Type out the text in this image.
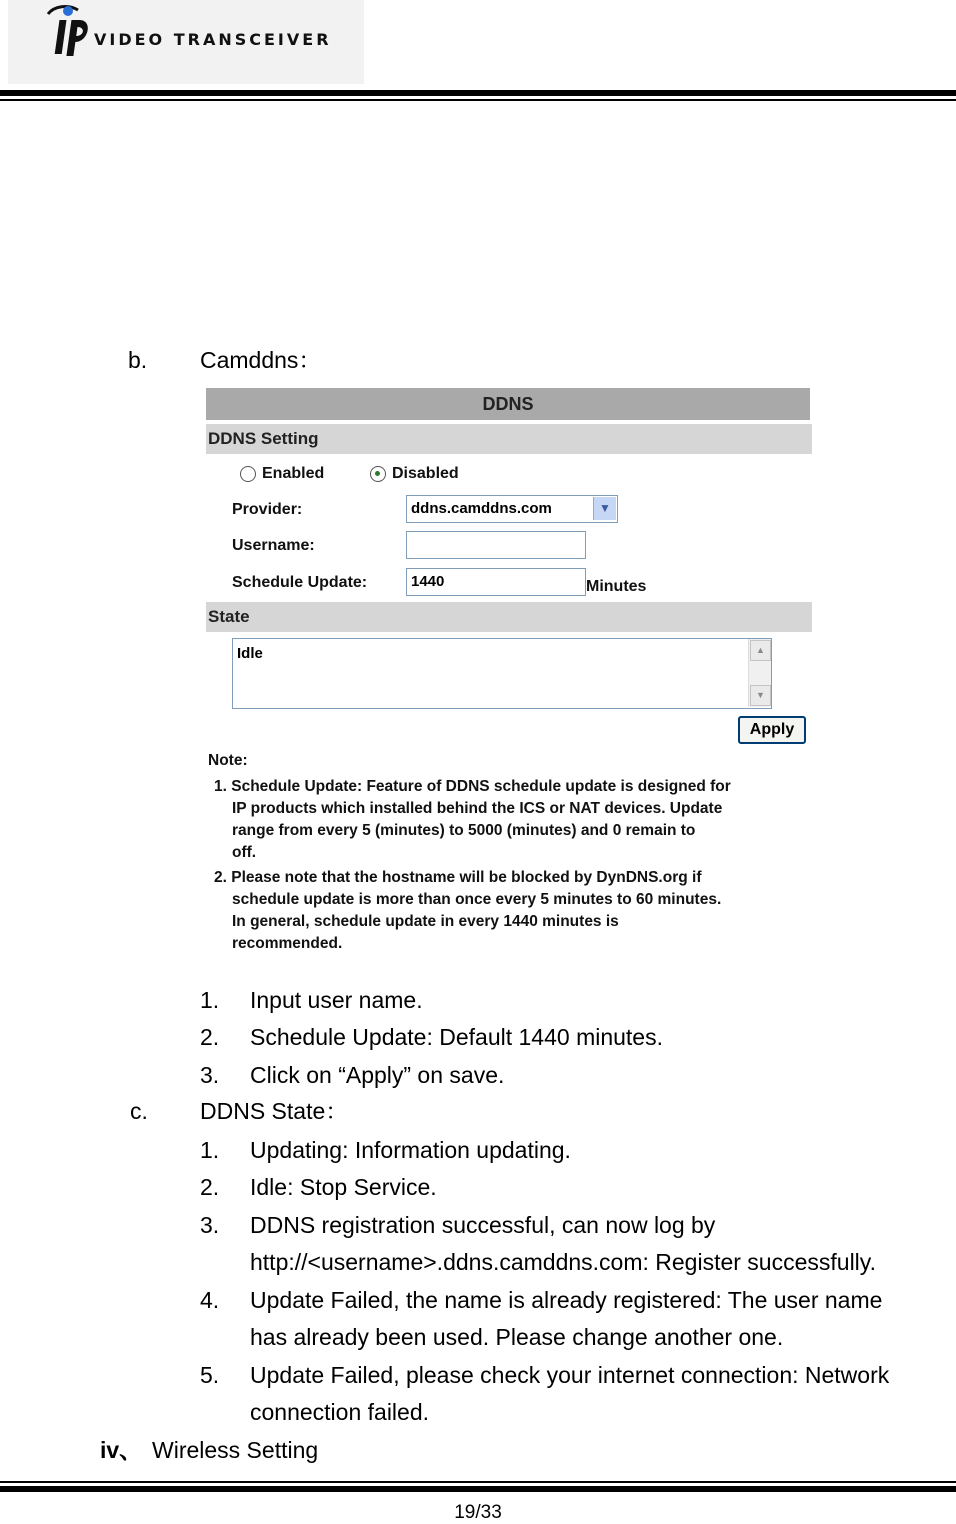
VIDEO TRANSCEIVER
b. Camddns：
DDNS
DDNS Setting
Enabled	Disabled
Provider:	ddns.camddns.com	▼
Username:
Schedule Update:	1440	Minutes
State
Idle	▲
▼
Apply
Note:
1. Schedule Update: Feature of DDNS schedule update is designed for
IP products which installed behind the ICS or NAT devices. Update
range from every 5 (minutes) to 5000 (minutes) and 0 remain to
off.
2. Please note that the hostname will be blocked by DynDNS.org if
schedule update is more than once every 5 minutes to 60 minutes.
In general, schedule update in every 1440 minutes is
recommended.
1. Input user name.
2. Schedule Update: Default 1440 minutes.
3. Click on “Apply” on save.
c. DDNS State：
1. Updating: Information updating.
2. Idle: Stop Service.
3. DDNS registration successful, can now log by
http://<username>.ddns.camddns.com: Register successfully.
4. Update Failed, the name is already registered: The user name
has already been used. Please change another one.
5. Update Failed, please check your internet connection: Network
connection failed.
iv、 Wireless Setting
19/33
